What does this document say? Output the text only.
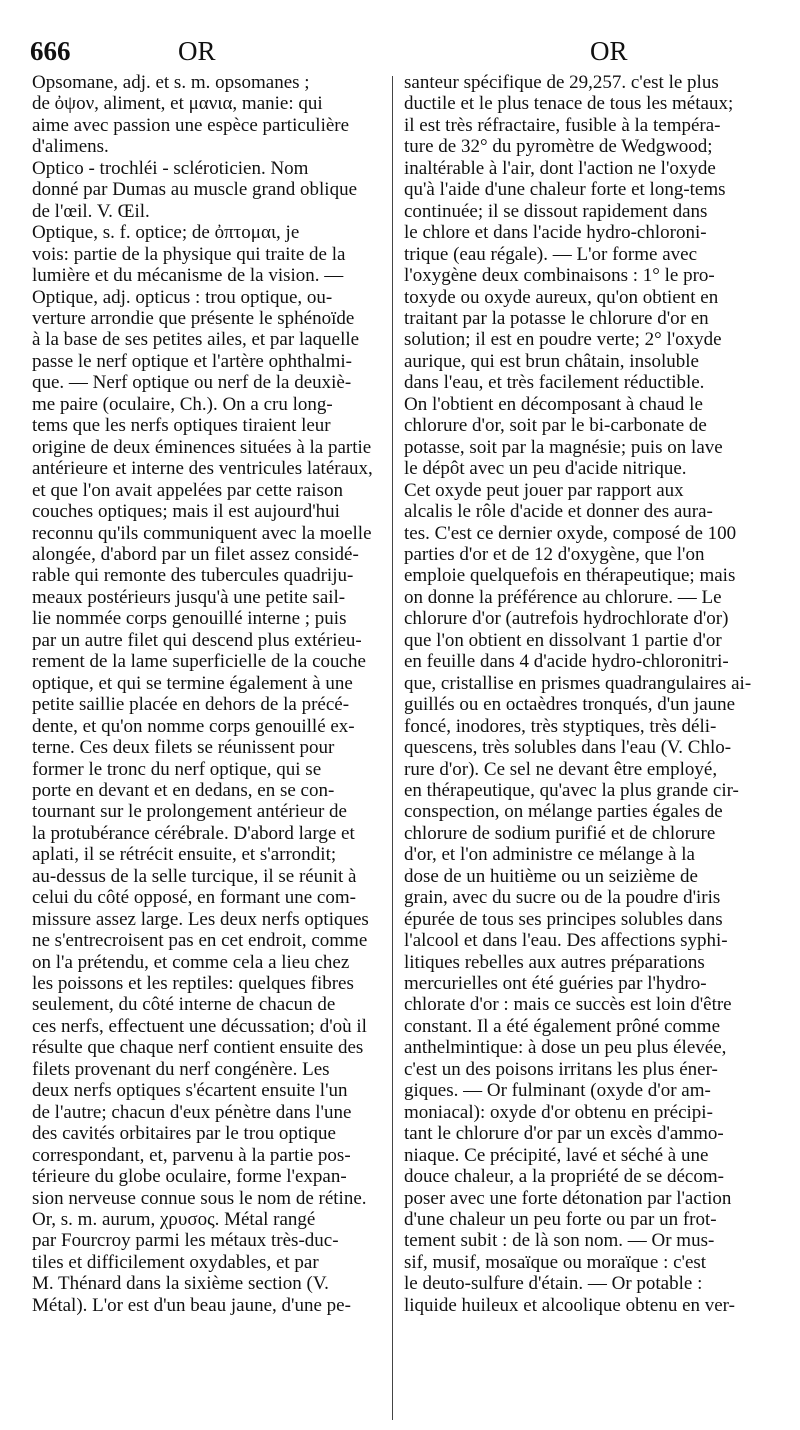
666	OR	OR
Opsomane, adj. et s. m. opsomanes ;
de ὀψον, aliment, et μανια, manie: qui
aime avec passion une espèce particulière
d'alimens.
Optico - trochléi - scléroticien. Nom
donné par Dumas au muscle grand oblique
de l'œil. V. Œil.
Optique, s. f. optice; de ὀπτομαι, je
vois: partie de la physique qui traite de la
lumière et du mécanisme de la vision. —
Optique, adj. opticus : trou optique, ou-
verture arrondie que présente le sphénoïde
à la base de ses petites ailes, et par laquelle
passe le nerf optique et l'artère ophthalmi-
que. — Nerf optique ou nerf de la deuxiè-
me paire (oculaire, Ch.). On a cru long-
tems que les nerfs optiques tiraient leur
origine de deux éminences situées à la partie
antérieure et interne des ventricules latéraux,
et que l'on avait appelées par cette raison
couches optiques; mais il est aujourd'hui
reconnu qu'ils communiquent avec la moelle
alongée, d'abord par un filet assez considé-
rable qui remonte des tubercules quadriju-
meaux postérieurs jusqu'à une petite sail-
lie nommée corps genouillé interne ; puis
par un autre filet qui descend plus extérieu-
rement de la lame superficielle de la couche
optique, et qui se termine également à une
petite saillie placée en dehors de la précé-
dente, et qu'on nomme corps genouillé ex-
terne. Ces deux filets se réunissent pour
former le tronc du nerf optique, qui se
porte en devant et en dedans, en se con-
tournant sur le prolongement antérieur de
la protubérance cérébrale. D'abord large et
aplati, il se rétrécit ensuite, et s'arrondit;
au-dessus de la selle turcique, il se réunit à
celui du côté opposé, en formant une com-
missure assez large. Les deux nerfs optiques
ne s'entrecroisent pas en cet endroit, comme
on l'a prétendu, et comme cela a lieu chez
les poissons et les reptiles: quelques fibres
seulement, du côté interne de chacun de
ces nerfs, effectuent une décussation; d'où il
résulte que chaque nerf contient ensuite des
filets provenant du nerf congénère. Les
deux nerfs optiques s'écartent ensuite l'un
de l'autre; chacun d'eux pénètre dans l'une
des cavités orbitaires par le trou optique
correspondant, et, parvenu à la partie pos-
térieure du globe oculaire, forme l'expan-
sion nerveuse connue sous le nom de rétine.
Or, s. m. aurum, χρυσος. Métal rangé
par Fourcroy parmi les métaux très-duc-
tiles et difficilement oxydables, et par
M. Thénard dans la sixième section (V.
Métal). L'or est d'un beau jaune, d'une pe-
santeur spécifique de 29,257. c'est le plus
ductile et le plus tenace de tous les métaux;
il est très réfractaire, fusible à la tempéra-
ture de 32° du pyromètre de Wedgwood;
inaltérable à l'air, dont l'action ne l'oxyde
qu'à l'aide d'une chaleur forte et long-tems
continuée; il se dissout rapidement dans
le chlore et dans l'acide hydro-chloroni-
trique (eau régale). — L'or forme avec
l'oxygène deux combinaisons : 1° le pro-
toxyde ou oxyde aureux, qu'on obtient en
traitant par la potasse le chlorure d'or en
solution; il est en poudre verte; 2° l'oxyde
aurique, qui est brun châtain, insoluble
dans l'eau, et très facilement réductible.
On l'obtient en décomposant à chaud le
chlorure d'or, soit par le bi-carbonate de
potasse, soit par la magnésie; puis on lave
le dépôt avec un peu d'acide nitrique.
Cet oxyde peut jouer par rapport aux
alcalis le rôle d'acide et donner des aura-
tes. C'est ce dernier oxyde, composé de 100
parties d'or et de 12 d'oxygène, que l'on
emploie quelquefois en thérapeutique; mais
on donne la préférence au chlorure. — Le
chlorure d'or (autrefois hydrochlorate d'or)
que l'on obtient en dissolvant 1 partie d'or
en feuille dans 4 d'acide hydro-chloronitri-
que, cristallise en prismes quadrangulaires ai-
guillés ou en octaèdres tronqués, d'un jaune
foncé, inodores, très styptiques, très déli-
quescens, très solubles dans l'eau (V. Chlo-
rure d'or). Ce sel ne devant être employé,
en thérapeutique, qu'avec la plus grande cir-
conspection, on mélange parties égales de
chlorure de sodium purifié et de chlorure
d'or, et l'on administre ce mélange à la
dose de un huitième ou un seizième de
grain, avec du sucre ou de la poudre d'iris
épurée de tous ses principes solubles dans
l'alcool et dans l'eau. Des affections syphi-
litiques rebelles aux autres préparations
mercurielles ont été guéries par l'hydro-
chlorate d'or : mais ce succès est loin d'être
constant. Il a été également prôné comme
anthelmintique: à dose un peu plus élevée,
c'est un des poisons irritans les plus éner-
giques. — Or fulminant (oxyde d'or am-
moniacal): oxyde d'or obtenu en précipi-
tant le chlorure d'or par un excès d'ammo-
niaque. Ce précipité, lavé et séché à une
douce chaleur, a la propriété de se décom-
poser avec une forte détonation par l'action
d'une chaleur un peu forte ou par un frot-
tement subit : de là son nom. — Or mus-
sif, musif, mosaïque ou moraïque : c'est
le deuto-sulfure d'étain. — Or potable :
liquide huileux et alcoolique obtenu en ver-
